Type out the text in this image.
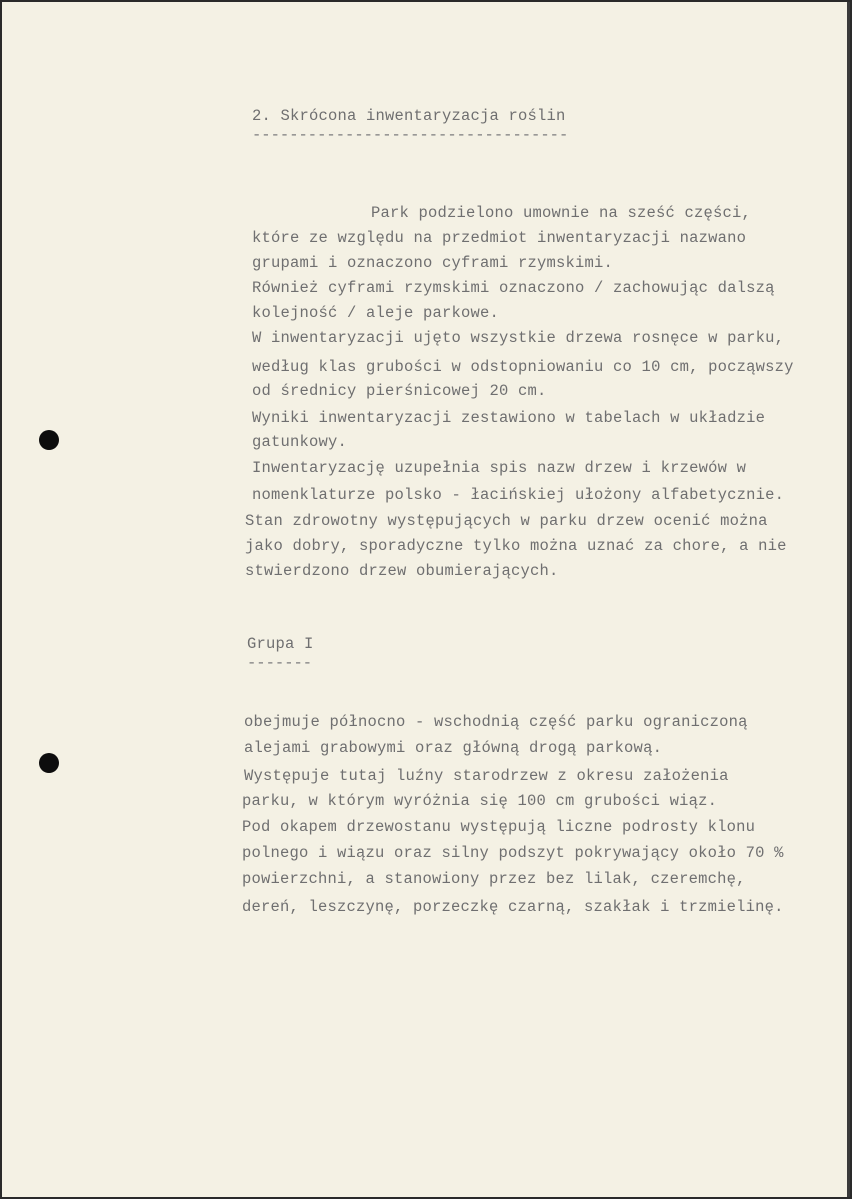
2. Skrócona inwentaryzacja roślin
----------------------------------
Park podzielono umownie na sześć części,
które ze względu na przedmiot inwentaryzacji nazwano
grupami i oznaczono cyframi rzymskimi.
Również cyframi rzymskimi oznaczono / zachowując dalszą
kolejność / aleje parkowe.
W inwentaryzacji ujęto wszystkie drzewa rosnęce w parku,
według klas grubości w odstopniowaniu co 10 cm, począwszy
od średnicy pierśnicowej 20 cm.
Wyniki inwentaryzacji zestawiono w tabelach w układzie
gatunkowy.
Inwentaryzację uzupełnia spis nazw drzew i krzewów w
nomenklaturze polsko - łacińskiej ułożony alfabetycznie.
Stan zdrowotny występujących w parku drzew ocenić można
jako dobry, sporadyczne tylko można uznać za chore, a nie
stwierdzono drzew obumierających.
Grupa I
-------
obejmuje północno - wschodnią część parku ograniczoną
alejami grabowymi oraz główną drogą parkową.
Występuje tutaj luźny starodrzew z okresu założenia
parku, w którym wyróżnia się 100 cm grubości wiąz.
Pod okapem drzewostanu występują liczne podrosty klonu
polnego i wiązu oraz silny podszyt pokrywający około 70 %
powierzchni, a stanowiony przez bez lilak, czeremchę,
dereń, leszczynę, porzeczkę czarną, szakłak i trzmielinę.
